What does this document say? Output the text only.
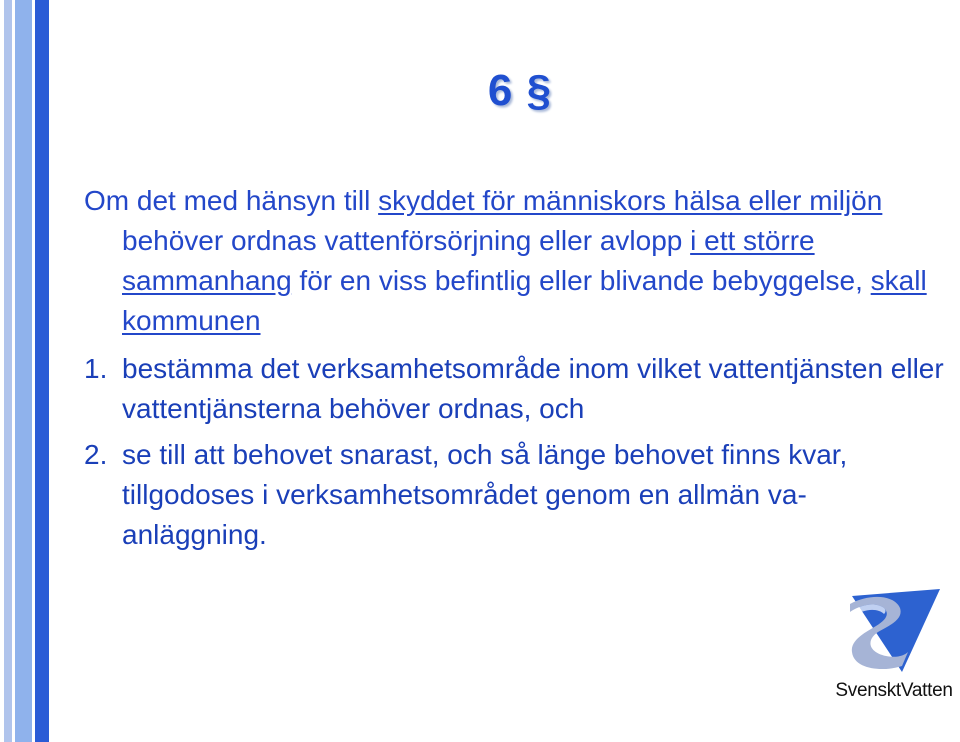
6 §

Om det med hänsyn till skyddet för människors hälsa eller miljön behöver ordnas vattenförsörjning eller avlopp i ett större sammanhang för en viss befintlig eller blivande bebyggelse, skall kommunen

1. bestämma det verksamhetsområde inom vilket vattentjänsten eller vattentjänsterna behöver ordnas, och
2. se till att behovet snarast, och så länge behovet finns kvar, tillgodoses i verksamhetsområdet genom en allmän va-anläggning.
SvensktVatten
